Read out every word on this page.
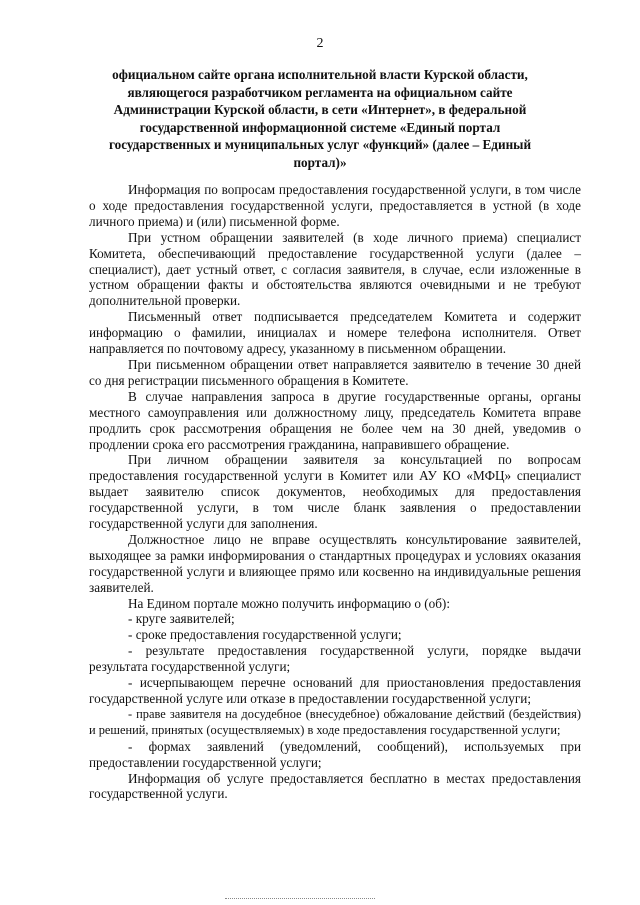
2
официальном сайте органа исполнительной власти Курской области, являющегося разработчиком регламента на официальном сайте Администрации Курской области, в сети «Интернет», в федеральной государственной информационной системе «Единый портал государственных и муниципальных услуг «функций» (далее – Единый портал)»

Информация по вопросам предоставления государственной услуги, в том числе о ходе предоставления государственной услуги, предоставляется в устной (в ходе личного приема) и (или) письменной форме.

При устном обращении заявителей (в ходе личного приема) специалист Комитета, обеспечивающий предоставление государственной услуги (далее – специалист), дает устный ответ, с согласия заявителя, в случае, если изложенные в устном обращении факты и обстоятельства являются очевидными и не требуют дополнительной проверки.

Письменный ответ подписывается председателем Комитета и содержит информацию о фамилии, инициалах и номере телефона исполнителя. Ответ направляется по почтовому адресу, указанному в письменном обращении.

При письменном обращении ответ направляется заявителю в течение 30 дней со дня регистрации письменного обращения в Комитете.

В случае направления запроса в другие государственные органы, органы местного самоуправления или должностному лицу, председатель Комитета вправе продлить срок рассмотрения обращения не более чем на 30 дней, уведомив о продлении срока его рассмотрения гражданина, направившего обращение.

При личном обращении заявителя за консультацией по вопросам предоставления государственной услуги в Комитет или АУ КО «МФЦ» специалист выдает заявителю список документов, необходимых для предоставления государственной услуги, в том числе бланк заявления о предоставлении государственной услуги для заполнения.

Должностное лицо не вправе осуществлять консультирование заявителей, выходящее за рамки информирования о стандартных процедурах и условиях оказания государственной услуги и влияющее прямо или косвенно на индивидуальные решения заявителей.

На Едином портале можно получить информацию о (об):

- круге заявителей;

- сроке предоставления государственной услуги;

- результате предоставления государственной услуги, порядке выдачи результата государственной услуги;

- исчерпывающем перечне оснований для приостановления предоставления государственной услуге или отказе в предоставлении государственной услуги;

- праве заявителя на досудебное (внесудебное) обжалование действий (бездействия) и решений, принятых (осуществляемых) в ходе предоставления государственной услуги;

- формах заявлений (уведомлений, сообщений), используемых при предоставлении государственной услуги;

Информация об услуге предоставляется бесплатно в местах предоставления государственной услуги.
